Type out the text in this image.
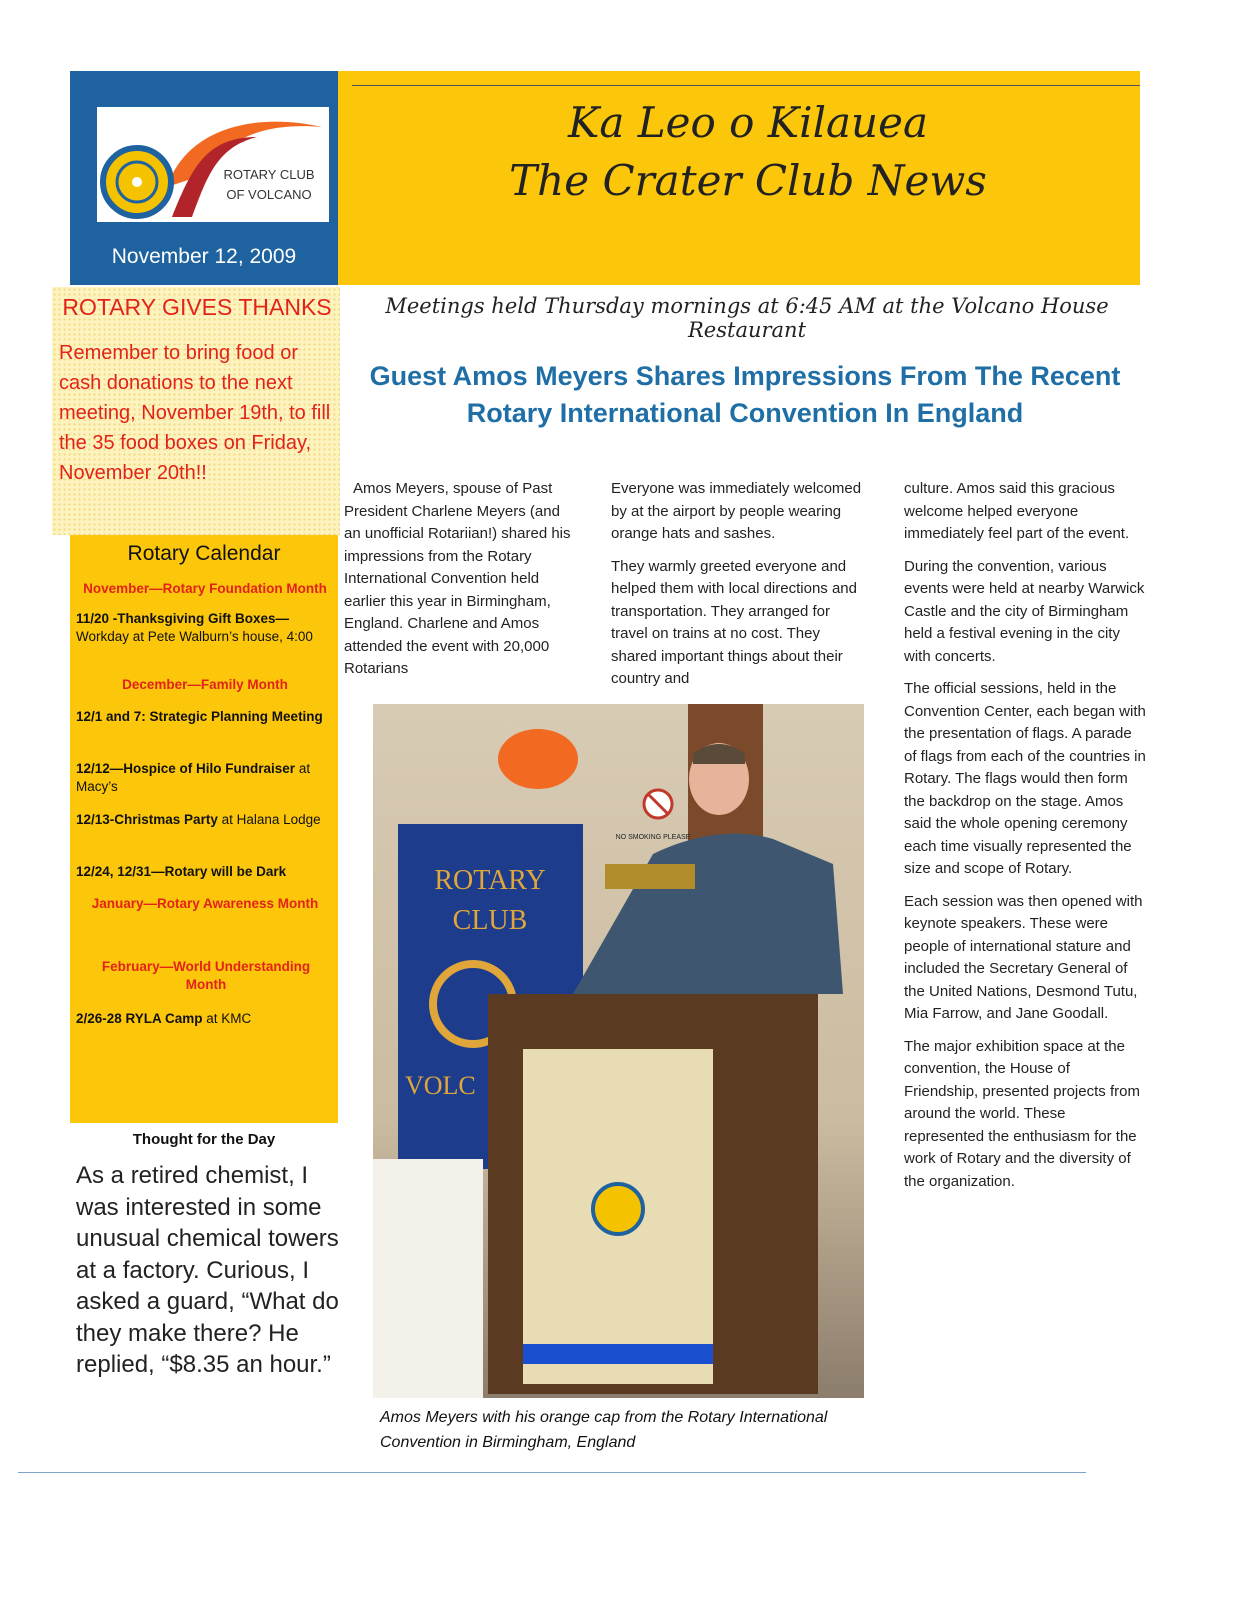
ROTARY CLUB
OF VOLCANO
November 12, 2009
Ka Leo o Kilauea
The Crater Club News
ROTARY GIVES THANKS
Remember to bring food or cash donations to the next meeting, November 19th, to fill the 35 food boxes on Friday, November 20th!!
Rotary Calendar
November—Rotary Foundation Month
11/20 -Thanksgiving Gift Boxes— Workday at Pete Walburn’s house, 4:00
December—Family Month
12/1 and 7: Strategic Planning Meeting
12/12—Hospice of Hilo Fundraiser at Macy’s
12/13-Christmas Party at Halana Lodge
12/24, 12/31—Rotary will be Dark
January—Rotary Awareness Month
February—World Understanding Month
2/26-28 RYLA Camp at KMC
Thought for the Day
As a retired chemist, I was interested in some unusual chemical towers at a factory. Curious, I asked a guard, “What do they make there? He replied, “$8.35 an hour.”
Meetings held Thursday mornings at 6:45 AM at the Volcano House Restaurant
Guest Amos Meyers Shares Impressions From The Recent Rotary International Convention In England

Amos Meyers, spouse of Past President Charlene Meyers (and an unofficial Rotariian!) shared his impressions from the Rotary International Convention held earlier this year in Birmingham, England. Charlene and Amos attended the event with 20,000 Rotarians

Everyone was immediately welcomed by at the airport by people wearing orange hats and sashes.

They warmly greeted everyone and helped them with local directions and transportation. They arranged for travel on trains at no cost. They shared important things about their country and

culture. Amos said this gracious welcome helped everyone immediately feel part of the event.

During the convention, various events were held at nearby Warwick Castle and the city of Birmingham held a festival evening in the city with concerts.

The official sessions, held in the Convention Center, each began with the presentation of flags. A parade of flags from each of the countries in Rotary. The flags would then form the backdrop on the stage. Amos said the whole opening ceremony each time visually represented the size and scope of Rotary.

Each session was then opened with keynote speakers. These were people of international stature and included the Secretary General of the United Nations, Desmond Tutu, Mia Farrow, and Jane Goodall.

The major exhibition space at the convention, the House of Friendship, presented projects from around the world. These represented the enthusiasm for the work of Rotary and the diversity of the organization.

ROTARY
CLUB
VOLC
NO SMOKING PLEASE
Amos Meyers with his orange cap from the Rotary International Convention in Birmingham, England
